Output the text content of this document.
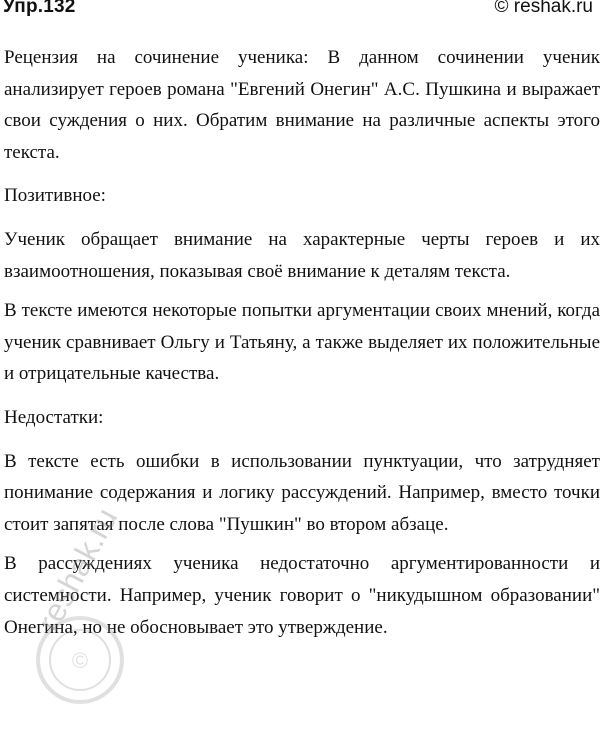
Упр.132	© reshak.ru

Рецензия на сочинение ученика: В данном сочинении ученик анализирует героев романа "Евгений Онегин" А.С. Пушкина и выражает свои суждения о них. Обратим внимание на различные аспекты этого текста.

Позитивное:

Ученик обращает внимание на характерные черты героев и их взаимоотношения, показывая своё внимание к деталям текста.

В тексте имеются некоторые попытки аргументации своих мнений, когда ученик сравнивает Ольгу и Татьяну, а также выделяет их положительные и отрицательные качества.

Недостатки:

В тексте есть ошибки в использовании пунктуации, что затрудняет понимание содержания и логику рассуждений. Например, вместо точки стоит запятая после слова "Пушкин" во втором абзаце.

В рассуждениях ученика недостаточно аргументированности и системности. Например, ученик говорит о "никудышном образовании" Онегина, но не обосновывает это утверждение.

©
reshak.ru
